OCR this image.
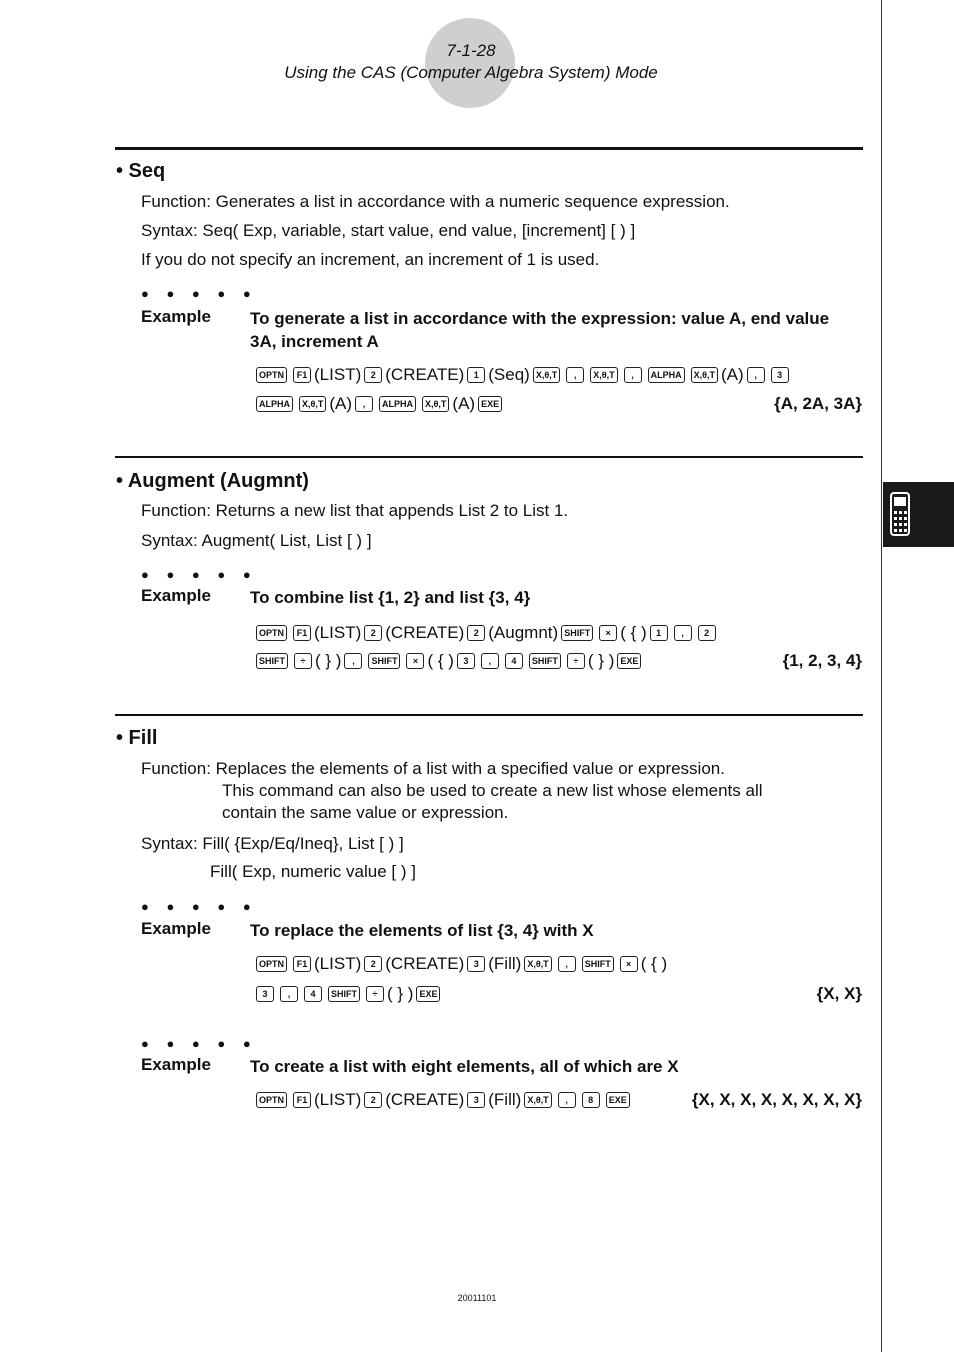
7-1-28
Using the CAS (Computer Algebra System) Mode
• Seq
Function: Generates a list in accordance with a numeric sequence expression.
Syntax: Seq( Exp, variable, start value, end value, [increment] [ ) ]
If you do not specify an increment, an increment of 1 is used.
● ● ● ● ●
Example To generate a list in accordance with the expression: value A, end value 3A, increment A
OPTN	F1 (LIST)	2 (CREATE)	1 (Seq) X,θ,T	,	X,θ,T	,	ALPHA	X,θ,T (A)	,	3
ALPHA	X,θ,T (A)	,	ALPHA	X,θ,T (A) EXE	{A, 2A, 3A}
• Augment (Augmnt)
Function: Returns a new list that appends List 2 to List 1.
Syntax: Augment( List, List [ ) ]
● ● ● ● ●
Example To combine list {1, 2} and list {3, 4}
OPTN	F1 (LIST)	2 (CREATE)	2 (Augmnt) SHIFT	× ( { )	1	,	2
SHIFT	÷ ( } )	,	SHIFT	× ( { )	3	,	4	SHIFT	÷ ( } ) EXE	{1, 2, 3, 4}
• Fill
Function: Replaces the elements of a list with a specified value or expression.
This command can also be used to create a new list whose elements all
contain the same value or expression.
Syntax: Fill( {Exp/Eq/Ineq}, List [ ) ]
Fill( Exp, numeric value [ ) ]
● ● ● ● ●
Example To replace the elements of list {3, 4} with X
OPTN	F1 (LIST)	2 (CREATE)	3 (Fill) X,θ,T	,	SHIFT	× ( { )
3	,	4	SHIFT	÷ ( } ) EXE	{X, X}
● ● ● ● ●
Example To create a list with eight elements, all of which are X
OPTN	F1 (LIST)	2 (CREATE)	3 (Fill) X,θ,T	,	8	EXE	{X, X, X, X, X, X, X, X}
20011101
